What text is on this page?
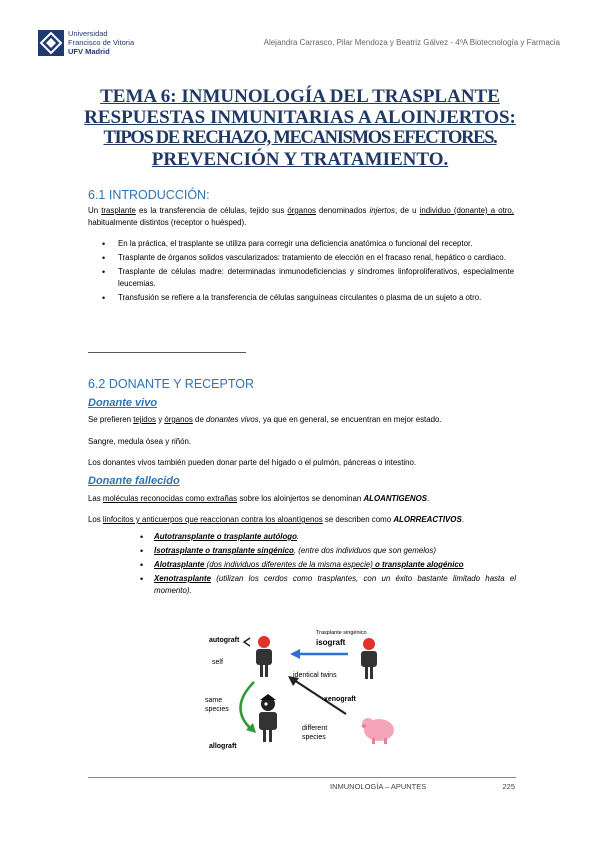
Universidad
Francisco de Vitoria
UFV Madrid
Alejandra Carrasco, Pilar Mendoza y Beatriz Gálvez - 4ºA Biotecnología y Farmacia
TEMA 6: INMUNOLOGÍA DEL TRASPLANTE
RESPUESTAS INMUNITARIAS A ALOINJERTOS:
TIPOS DE RECHAZO, MECANISMOS EFECTORES.
PREVENCIÓN Y TRATAMIENTO.
6.1 INTRODUCCIÓN:
Un trasplante es la transferencia de células, tejido sus órganos denominados injertos, de u individuo (donante) a otro, habitualmente distintos (receptor o huésped).
• En la práctica, el trasplante se utiliza para corregir una deficiencia anatómica o funcional del receptor.
• Trasplante de órganos solidos vascularizados: tratamiento de elección en el fracaso renal, hepático o cardiaco.
• Trasplante de células madre: determinadas inmunodeficiencias y síndromes linfoproliferativos, especialmente leucemias.
• Transfusión se refiere a la transferencia de células sanguíneas circulantes o plasma de un sujeto a otro.
6.2 DONANTE Y RECEPTOR
Donante vivo
Se prefieren tejidos y órganos de donantes vivos, ya que en general, se encuentran en mejor estado.
Sangre, medula ósea y riñón.
Los donantes vivos también pueden donar parte del hígado o el pulmón, páncreas o intestino.
Donante fallecido
Las moléculas reconocidas como extrañas sobre los aloinjertos se denominan ALOANTIGENOS.
Los linfocitos y anticuerpos que reaccionan contra los aloantígenos se describen como ALORREACTIVOS.
• Autotransplante o trasplante autólogo.
• Isotrasplante o transplante singénico, (entre dos individuos que son gemelos)
• Alotrasplante (dos individuos diferentes de la misma especie) o transplante alogénico
• Xenotrasplante (utilizan los cerdos como trasplantes, con un éxito bastante limitado hasta el momento).
Trasplante singénico
autograft
self
isograft
identical twins
same
species
xenograft
different
species
allograft
INMUNOLOGÍA – APUNTES	225
